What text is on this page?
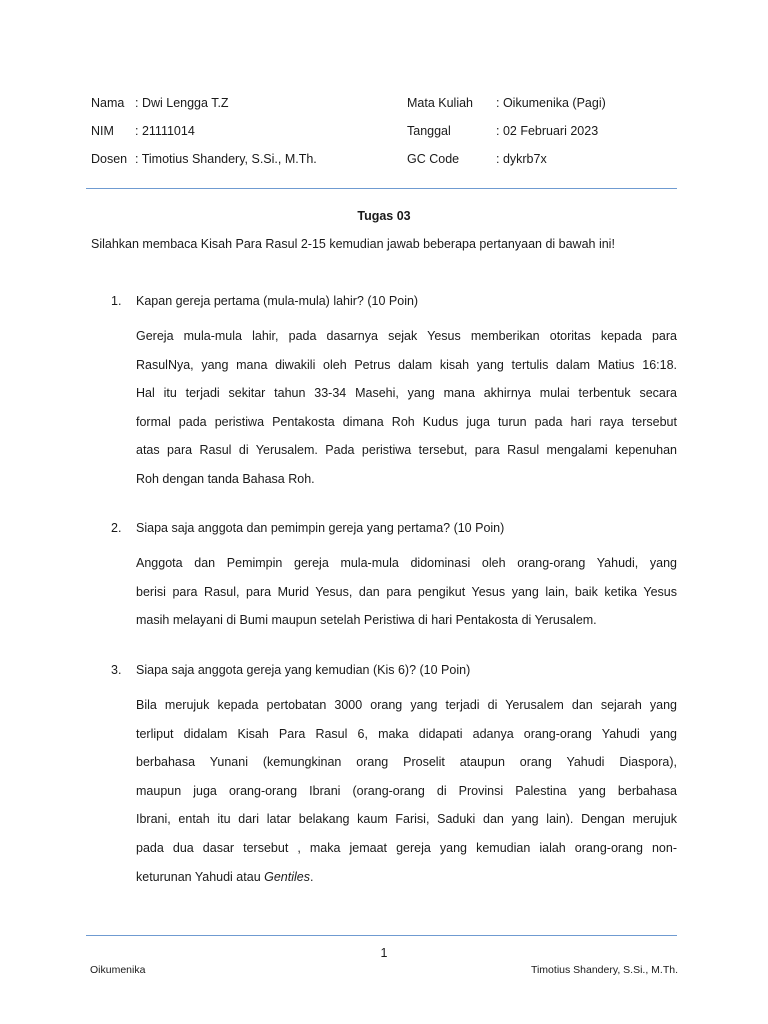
Nama : Dwi Lengga T.Z
NIM : 21111014
Dosen : Timotius Shandery, S.Si., M.Th.
Mata Kuliah : Oikumenika (Pagi)
Tanggal	: 02 Februari 2023
GC Code	: dykrb7x
Tugas 03
Silahkan membaca Kisah Para Rasul 2-15 kemudian jawab beberapa pertanyaan di bawah ini!
1. Kapan gereja pertama (mula-mula) lahir? (10 Poin)
Gereja mula-mula lahir, pada dasarnya sejak Yesus memberikan otoritas kepada para
RasulNya, yang mana diwakili oleh Petrus dalam kisah yang tertulis dalam Matius 16:18.
Hal itu terjadi sekitar tahun 33-34 Masehi, yang mana akhirnya mulai terbentuk secara
formal pada peristiwa Pentakosta dimana Roh Kudus juga turun pada hari raya tersebut
atas para Rasul di Yerusalem. Pada peristiwa tersebut, para Rasul mengalami kepenuhan
Roh dengan tanda Bahasa Roh.
2. Siapa saja anggota dan pemimpin gereja yang pertama? (10 Poin)
Anggota dan Pemimpin gereja mula-mula didominasi oleh orang-orang Yahudi, yang
berisi para Rasul, para Murid Yesus, dan para pengikut Yesus yang lain, baik ketika Yesus
masih melayani di Bumi maupun setelah Peristiwa di hari Pentakosta di Yerusalem.
3. Siapa saja anggota gereja yang kemudian (Kis 6)? (10 Poin)
Bila merujuk kepada pertobatan 3000 orang yang terjadi di Yerusalem dan sejarah yang
terliput didalam Kisah Para Rasul 6, maka didapati adanya orang-orang Yahudi yang
berbahasa Yunani (kemungkinan orang Proselit ataupun orang Yahudi Diaspora),
maupun juga orang-orang Ibrani (orang-orang di Provinsi Palestina yang berbahasa
Ibrani, entah itu dari latar belakang kaum Farisi, Saduki dan yang lain). Dengan merujuk
pada dua dasar tersebut , maka jemaat gereja yang kemudian ialah orang-orang non-
keturunan Yahudi atau Gentiles.
1
Oikumenika	Timotius Shandery, S.Si., M.Th.
